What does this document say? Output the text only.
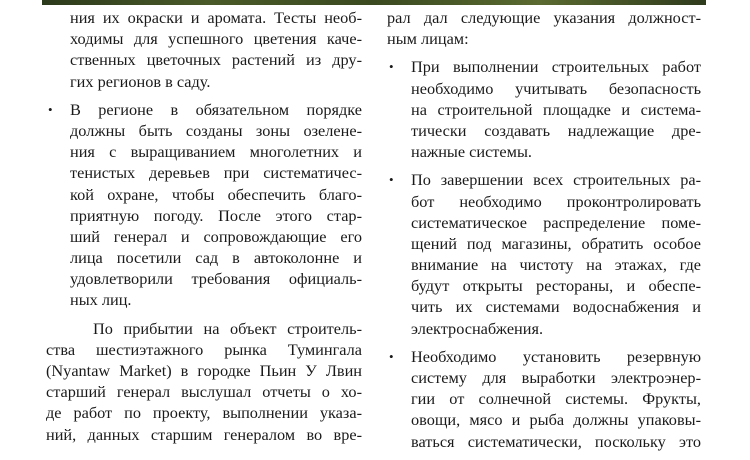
ния их окраски и аромата. Тесты необ-
ходимы для успешного цветения каче-
ственных цветочных растений из дру-
гих регионов в саду.
• В регионе в обязательном порядке
должны быть созданы зоны озелене-
ния с выращиванием многолетних и
тенистых деревьев при систематичес-
кой охране, чтобы обеспечить благо-
приятную погоду. После этого стар-
ший генерал и сопровождающие его
лица посетили сад в автоколонне и
удовлетворили требования официаль-
ных лиц.
По прибытии на объект строитель-
ства шестиэтажного рынка Тумингала
(Nyantaw Market) в городке Пьин У Лвин
старший генерал выслушал отчеты о хо-
де работ по проекту, выполнении указа-
ний, данных старшим генералом во вре-
рал дал следующие указания должност-
ным лицам:
• При выполнении строительных работ
необходимо учитывать безопасность
на строительной площадке и система-
тически создавать надлежащие дре-
нажные системы.
• По завершении всех строительных ра-
бот необходимо проконтролировать
систематическое распределение поме-
щений под магазины, обратить особое
внимание на чистоту на этажах, где
будут открыты рестораны, и обеспе-
чить их системами водоснабжения и
электроснабжения.
• Необходимо установить резервную
систему для выработки электроэнер-
гии от солнечной системы. Фрукты,
овощи, мясо и рыба должны упаковы-
ваться систематически, поскольку это
